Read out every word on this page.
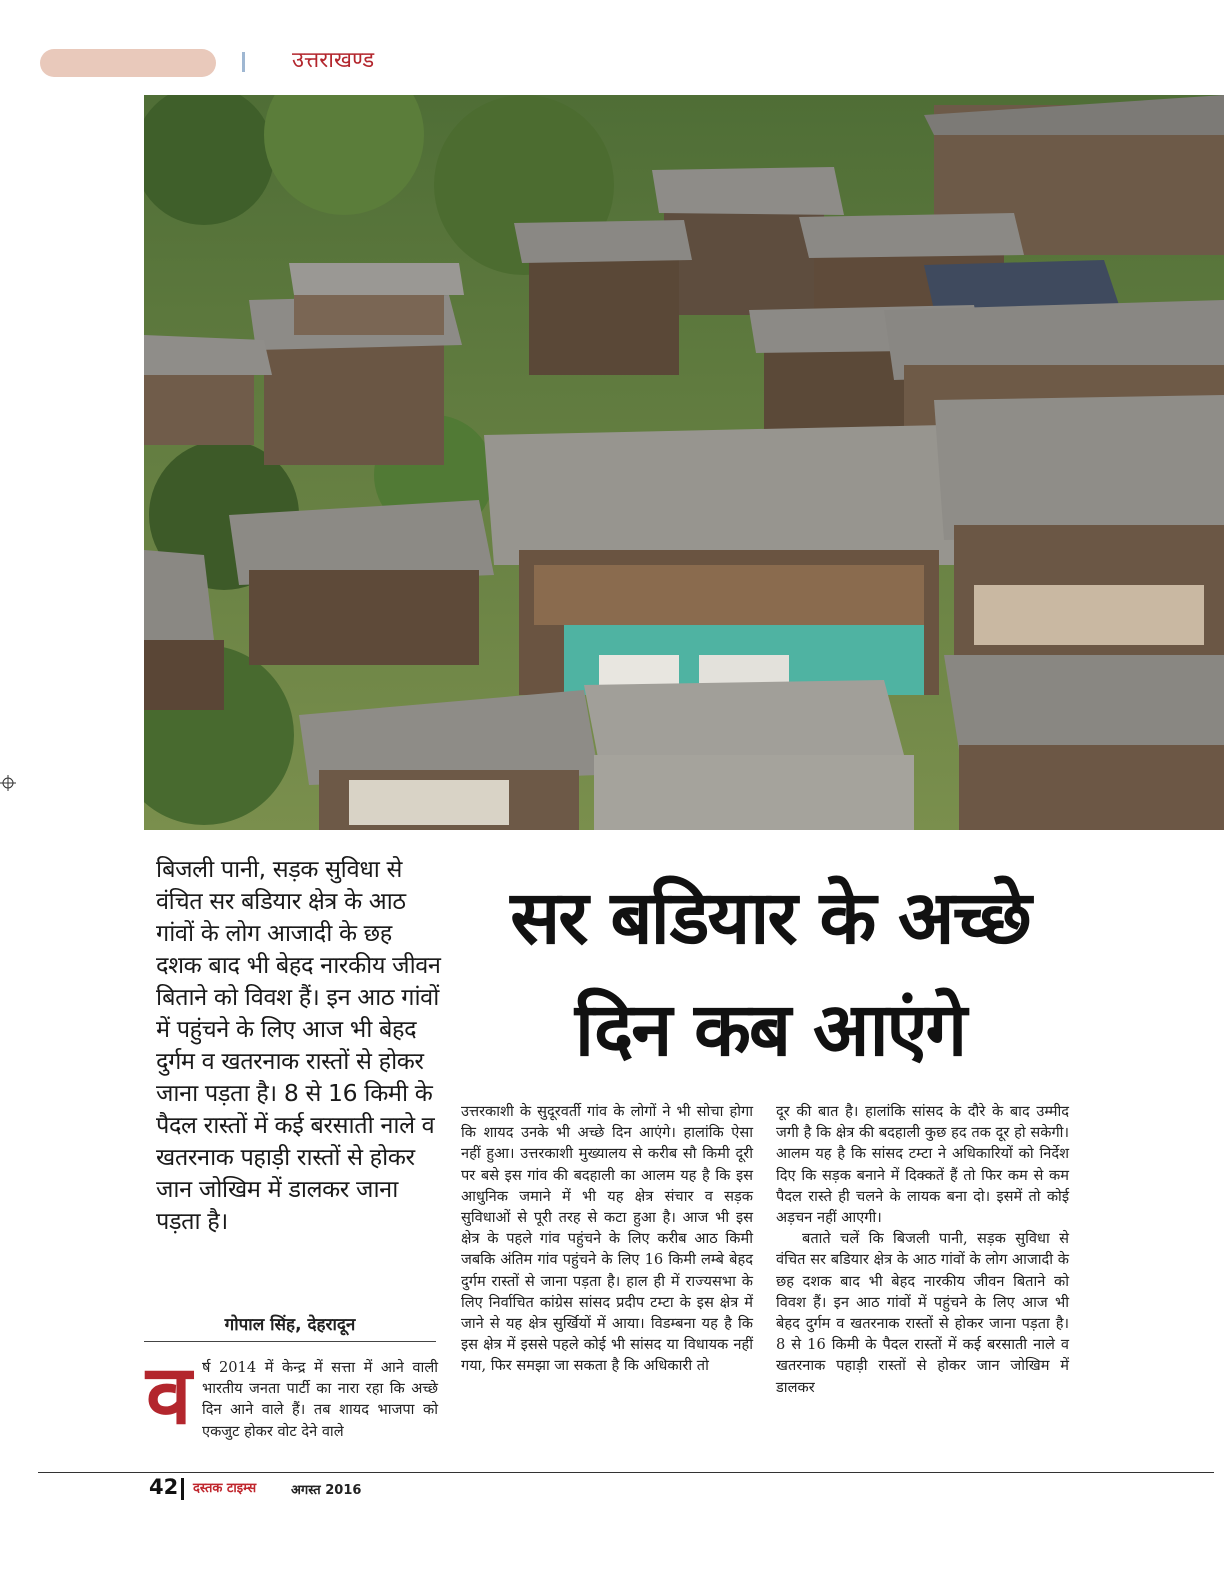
उत्तराखण्ड
बिजली पानी, सड़क सुविधा से वंचित सर बडियार क्षेत्र के आठ गांवों के लोग आजादी के छह दशक बाद भी बेहद नारकीय जीवन बिताने को विवश हैं। इन आठ गांवों में पहुंचने के लिए आज भी बेहद दुर्गम व खतरनाक रास्तों से होकर जाना पड़ता है। 8 से 16 किमी के पैदल रास्तों में कई बरसाती नाले व खतरनाक पहाड़ी रास्तों से होकर जान जोखिम में डालकर जाना पड़ता है।
सर बडियार के अच्छे
दिन कब आएंगे
गोपाल सिंह, देहरादून
व र्ष 2014 में केन्द्र में सत्ता में आने वाली भारतीय जनता पार्टी का नारा रहा कि अच्छे दिन आने वाले हैं। तब शायद भाजपा को एकजुट होकर वोट देने वाले
उत्तरकाशी के सुदूरवर्ती गांव के लोगों ने भी सोचा होगा कि शायद उनके भी अच्छे दिन आएंगे। हालांकि ऐसा नहीं हुआ। उत्तरकाशी मुख्यालय से करीब सौ किमी दूरी पर बसे इस गांव की बदहाली का आलम यह है कि इस आधुनिक जमाने में भी यह क्षेत्र संचार व सड़क सुविधाओं से पूरी तरह से कटा हुआ है। आज भी इस क्षेत्र के पहले गांव पहुंचने के लिए करीब आठ किमी जबकि अंतिम गांव पहुंचने के लिए 16 किमी लम्बे बेहद दुर्गम रास्तों से जाना पड़ता है। हाल ही में राज्यसभा के लिए निर्वाचित कांग्रेस सांसद प्रदीप टम्टा के इस क्षेत्र में जाने से यह क्षेत्र सुर्खियों में आया। विडम्बना यह है कि इस क्षेत्र में इससे पहले कोई भी सांसद या विधायक नहीं गया, फिर समझा जा सकता है कि अधिकारी तो

दूर की बात है। हालांकि सांसद के दौरे के बाद उम्मीद जगी है कि क्षेत्र की बदहाली कुछ हद तक दूर हो सकेगी। आलम यह है कि सांसद टम्टा ने अधिकारियों को निर्देश दिए कि सड़क बनाने में दिक्कतें हैं तो फिर कम से कम पैदल रास्ते ही चलने के लायक बना दो। इसमें तो कोई अड़चन नहीं आएगी।

बताते चलें कि बिजली पानी, सड़क सुविधा से वंचित सर बडियार क्षेत्र के आठ गांवों के लोग आजादी के छह दशक बाद भी बेहद नारकीय जीवन बिताने को विवश हैं। इन आठ गांवों में पहुंचने के लिए आज भी बेहद दुर्गम व खतरनाक रास्तों से होकर जाना पड़ता है। 8 से 16 किमी के पैदल रास्तों में कई बरसाती नाले व खतरनाक पहाड़ी रास्तों से होकर जान जोखिम में डालकर

42 दस्तक टाइम्स	अगस्त 2016
